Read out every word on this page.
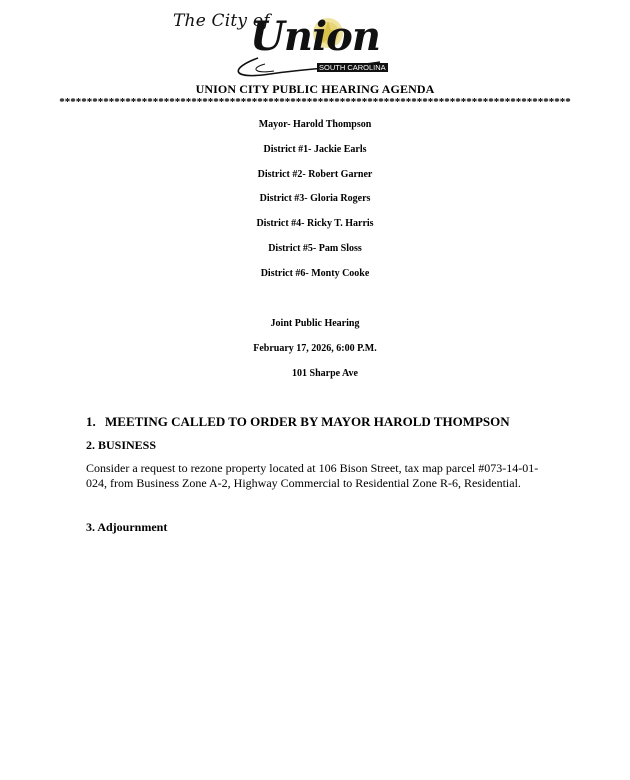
The City of
Union
SOUTH CAROLINA
UNION CITY PUBLIC HEARING AGENDA
*********************************************************************************************
Mayor- Harold Thompson
District #1- Jackie Earls
District #2- Robert Garner
District #3- Gloria Rogers
District #4- Ricky T. Harris
District #5- Pam Sloss
District #6- Monty Cooke
Joint Public Hearing
February 17, 2026, 6:00 P.M.
101 Sharpe Ave
1. MEETING CALLED TO ORDER BY MAYOR HAROLD THOMPSON
2. BUSINESS
Consider a request to rezone property located at 106 Bison Street, tax map parcel #073-14-01-024, from Business Zone A-2, Highway Commercial to Residential Zone R-6, Residential.
3. Adjournment
